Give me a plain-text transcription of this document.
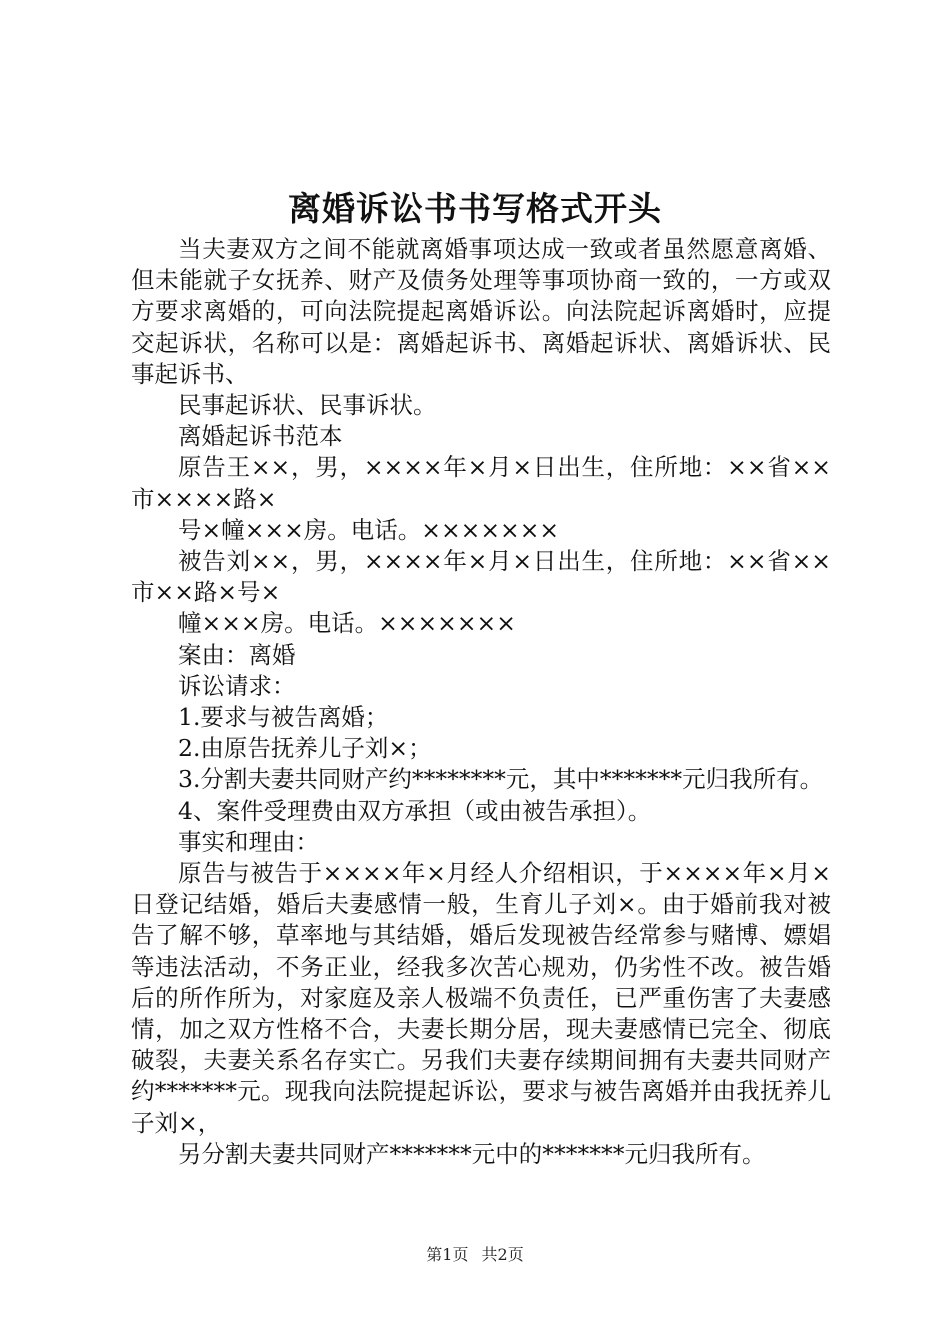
离婚诉讼书书写格式开头

当夫妻双方之间不能就离婚事项达成一致或者虽然愿意离婚、但未能就子女抚养、财产及债务处理等事项协商一致的，一方或双方要求离婚的，可向法院提起离婚诉讼。向法院起诉离婚时，应提交起诉状，名称可以是：离婚起诉书、离婚起诉状、离婚诉状、民事起诉书、

民事起诉状、民事诉状。

离婚起诉书范本

原告王××，男，××××年×月×日出生，住所地：××省××市××××路×

号×幢×××房。电话。×××××××

被告刘××，男，××××年×月×日出生，住所地：××省××市××路×号×

幢×××房。电话。×××××××

案由：离婚

诉讼请求：

1.要求与被告离婚；

2.由原告抚养儿子刘×；

3.分割夫妻共同财产约********元，其中*******元归我所有。

4、案件受理费由双方承担（或由被告承担）。

事实和理由：

原告与被告于××××年×月经人介绍相识，于××××年×月×日登记结婚，婚后夫妻感情一般，生育儿子刘×。由于婚前我对被告了解不够，草率地与其结婚，婚后发现被告经常参与赌博、嫖娼等违法活动，不务正业，经我多次苦心规劝，仍劣性不改。被告婚后的所作所为，对家庭及亲人极端不负责任，已严重伤害了夫妻感情，加之双方性格不合，夫妻长期分居，现夫妻感情已完全、彻底破裂，夫妻关系名存实亡。另我们夫妻存续期间拥有夫妻共同财产约*******元。现我向法院提起诉讼，要求与被告离婚并由我抚养儿子刘×，

另分割夫妻共同财产*******元中的*******元归我所有。

第1页 共2页
